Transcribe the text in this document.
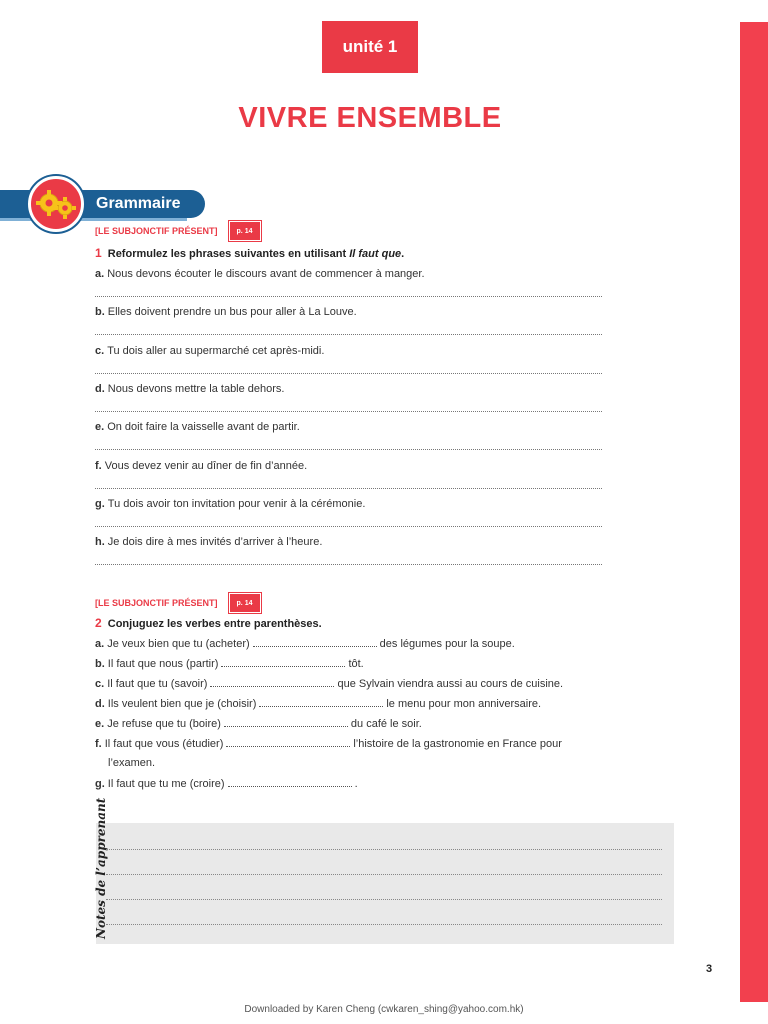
unité 1
VIVRE ENSEMBLE
Grammaire
[LE SUBJONCTIF PRÉSENT]	p. 14
1 Reformulez les phrases suivantes en utilisant Il faut que.
a. Nous devons écouter le discours avant de commencer à manger.
b. Elles doivent prendre un bus pour aller à La Louve.
c. Tu dois aller au supermarché cet après-midi.
d. Nous devons mettre la table dehors.
e. On doit faire la vaisselle avant de partir.
f. Vous devez venir au dîner de fin d’année.
g. Tu dois avoir ton invitation pour venir à la cérémonie.
h. Je dois dire à mes invités d’arriver à l’heure.
[LE SUBJONCTIF PRÉSENT]	p. 14
2 Conjuguez les verbes entre parenthèses.
a. Je veux bien que tu (acheter)	des légumes pour la soupe.
b. Il faut que nous (partir)	tôt.
c. Il faut que tu (savoir)	que Sylvain viendra aussi au cours de cuisine.
d. Ils veulent bien que je (choisir)	le menu pour mon anniversaire.
e. Je refuse que tu (boire)	du café le soir.
f. Il faut que vous (étudier)	l’histoire de la gastronomie en France pour
l’examen.
g. Il faut que tu me (croire)	.
Notes de l’apprenant
3
Downloaded by Karen Cheng (cwkaren_shing@yahoo.com.hk)
